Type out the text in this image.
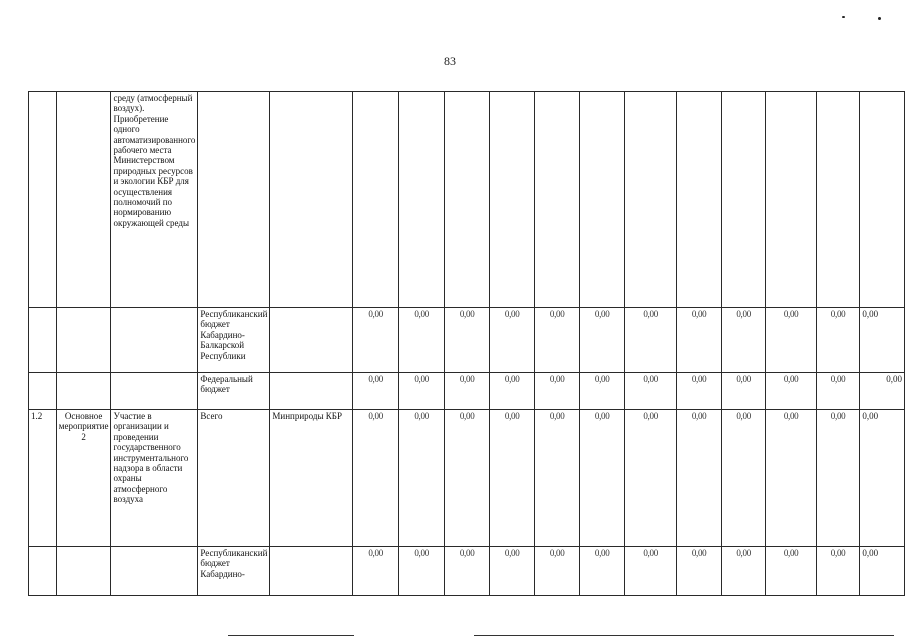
83
		среду (атмосферный воздух). Приобретение одного автоматизированного рабочего места Министерством природных ресурсов и экологии КБР для осуществления полномочий по нормированию окружающей среды														
			Республиканский бюджет Кабардино-Балкарской Республики		0,00	0,00	0,00	0,00	0,00	0,00	0,00	0,00	0,00	0,00	0,00	0,00
			Федеральный бюджет		0,00	0,00	0,00	0,00	0,00	0,00	0,00	0,00	0,00	0,00	0,00	0,00
1.2	Основное мероприятие 2	Участие в организации и проведении государственного инструментального надзора в области охраны атмосферного воздуха	Всего	Минприроды КБР	0,00	0,00	0,00	0,00	0,00	0,00	0,00	0,00	0,00	0,00	0,00	0,00
			Республиканский бюджет Кабардино-		0,00	0,00	0,00	0,00	0,00	0,00	0,00	0,00	0,00	0,00	0,00	0,00
